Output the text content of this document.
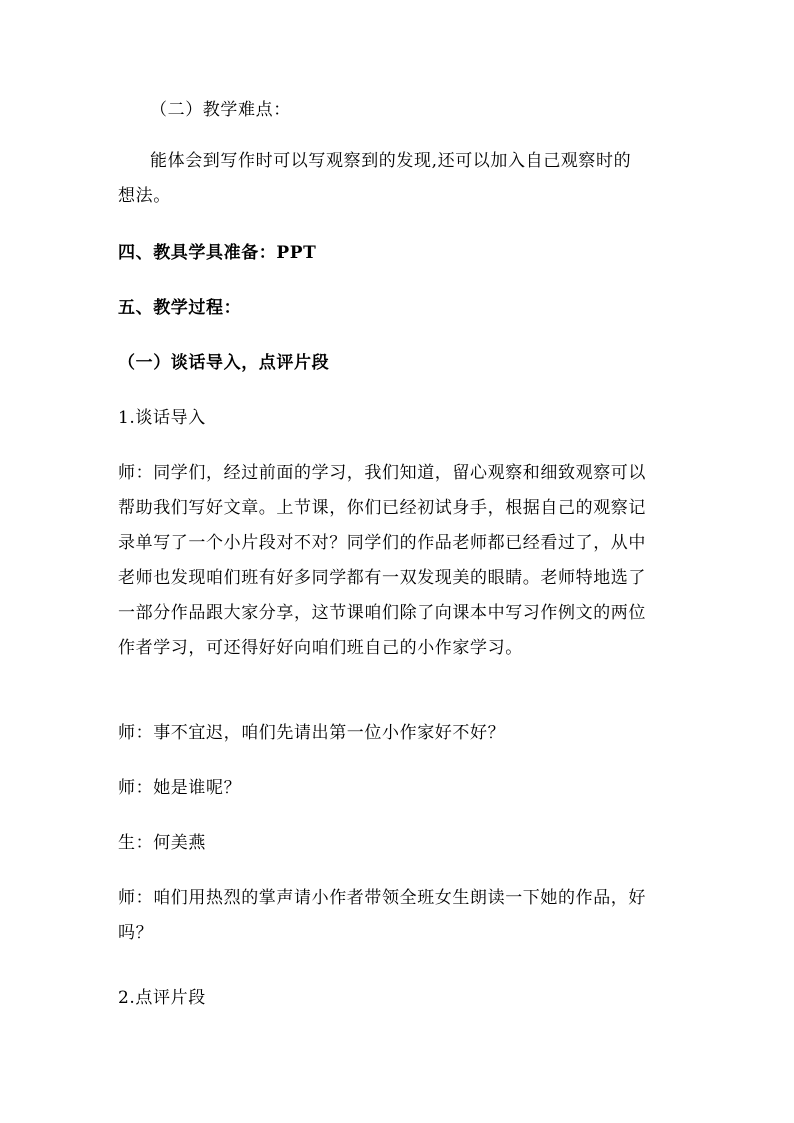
（二）教学难点：
能体会到写作时可以写观察到的发现,还可以加入自己观察时的
想法。
四、教具学具准备：PPT
五、教学过程：
（一）谈话导入，点评片段
1.谈话导入
师：同学们，经过前面的学习，我们知道，留心观察和细致观察可以
帮助我们写好文章。上节课，你们已经初试身手，根据自己的观察记
录单写了一个小片段对不对？同学们的作品老师都已经看过了，从中
老师也发现咱们班有好多同学都有一双发现美的眼睛。老师特地选了
一部分作品跟大家分享，这节课咱们除了向课本中写习作例文的两位
作者学习，可还得好好向咱们班自己的小作家学习。
师：事不宜迟，咱们先请出第一位小作家好不好？
师：她是谁呢？
生：何美燕
师：咱们用热烈的掌声请小作者带领全班女生朗读一下她的作品，好
吗？
2.点评片段
